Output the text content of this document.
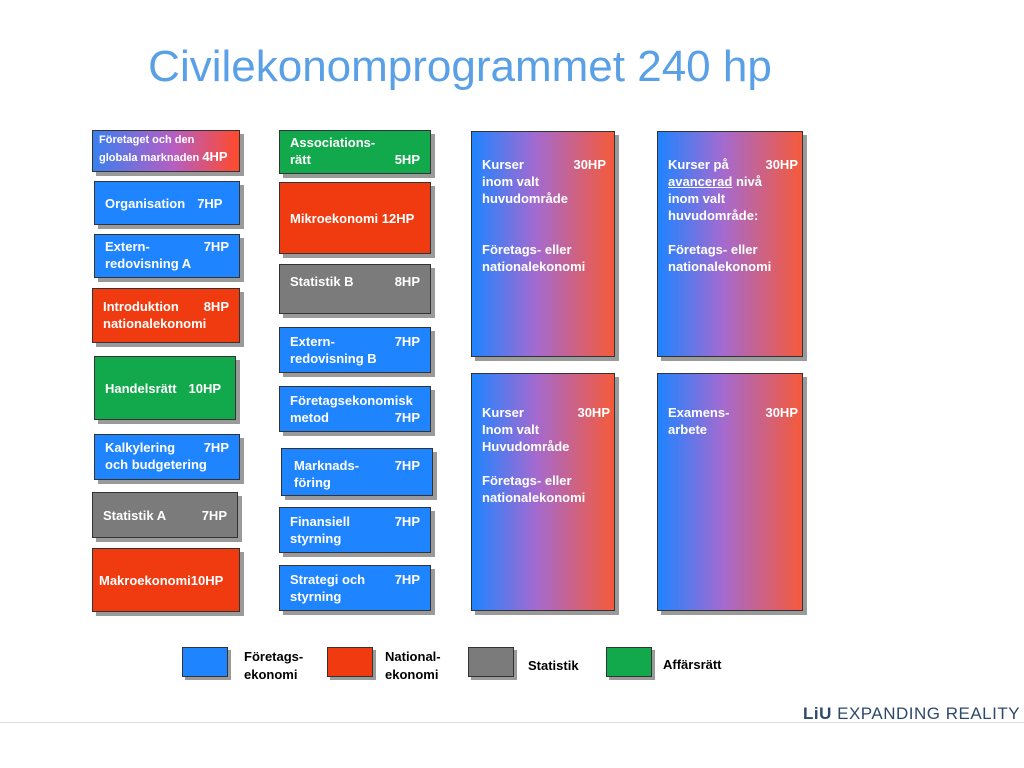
Civilekonomprogrammet 240 hp
Företaget och den
globala marknaden 4HP
Organisation 7HP
Extern-	7HP
redovisning A
Introduktion 8HP
nationalekonomi
Handelsrätt 10HP
Kalkylering 7HP
och budgetering
Statistik A	7HP
Makroekonomi10HP
Associations-
rätt	5HP
Mikroekonomi 12HP
Statistik B	8HP
Extern-	7HP
redovisning B
Företagsekonomisk
metod	7HP
Marknads-	7HP
föring
Finansiell	7HP
styrning
Strategi och 7HP
styrning
Kurser	30HP
inom valt
huvudområde
Företags- eller
nationalekonomi
Kurser	30HP
Inom valt
Huvudområde
Företags- eller
nationalekonomi
Kurser på	30HP
avancerad nivå
inom valt
huvudområde:
Företags- eller
nationalekonomi
Examens-	30HP
arbete
Företags-
ekonomi
National-
ekonomi
Statistik	Affärsrätt
LiU EXPANDING REALITY
